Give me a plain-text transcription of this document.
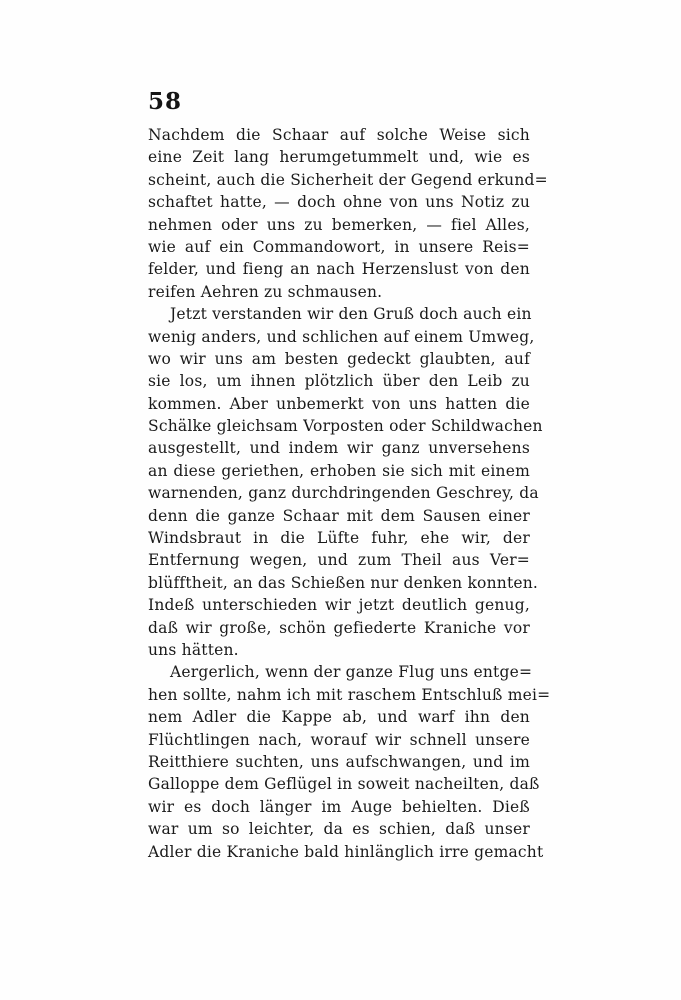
58
Nachdem die Schaar auf solche Weise sich
eine Zeit lang herumgetummelt und, wie es
scheint, auch die Sicherheit der Gegend erkund=
schaftet hatte, — doch ohne von uns Notiz zu
nehmen oder uns zu bemerken, — fiel Alles,
wie auf ein Commandowort, in unsere Reis=
felder, und fieng an nach Herzenslust von den
reifen Aehren zu schmausen.
Jetzt verstanden wir den Gruß doch auch ein
wenig anders, und schlichen auf einem Umweg,
wo wir uns am besten gedeckt glaubten, auf
sie los, um ihnen plötzlich über den Leib zu
kommen. Aber unbemerkt von uns hatten die
Schälke gleichsam Vorposten oder Schildwachen
ausgestellt, und indem wir ganz unversehens
an diese geriethen, erhoben sie sich mit einem
warnenden, ganz durchdringenden Geschrey, da
denn die ganze Schaar mit dem Sausen einer
Windsbraut in die Lüfte fuhr, ehe wir, der
Entfernung wegen, und zum Theil aus Ver=
blüfftheit, an das Schießen nur denken konnten.
Indeß unterschieden wir jetzt deutlich genug,
daß wir große, schön gefiederte Kraniche vor
uns hätten.
Aergerlich, wenn der ganze Flug uns entge=
hen sollte, nahm ich mit raschem Entschluß mei=
nem Adler die Kappe ab, und warf ihn den
Flüchtlingen nach, worauf wir schnell unsere
Reitthiere suchten, uns aufschwangen, und im
Galloppe dem Geflügel in soweit nacheilten, daß
wir es doch länger im Auge behielten. Dieß
war um so leichter, da es schien, daß unser
Adler die Kraniche bald hinlänglich irre gemacht
